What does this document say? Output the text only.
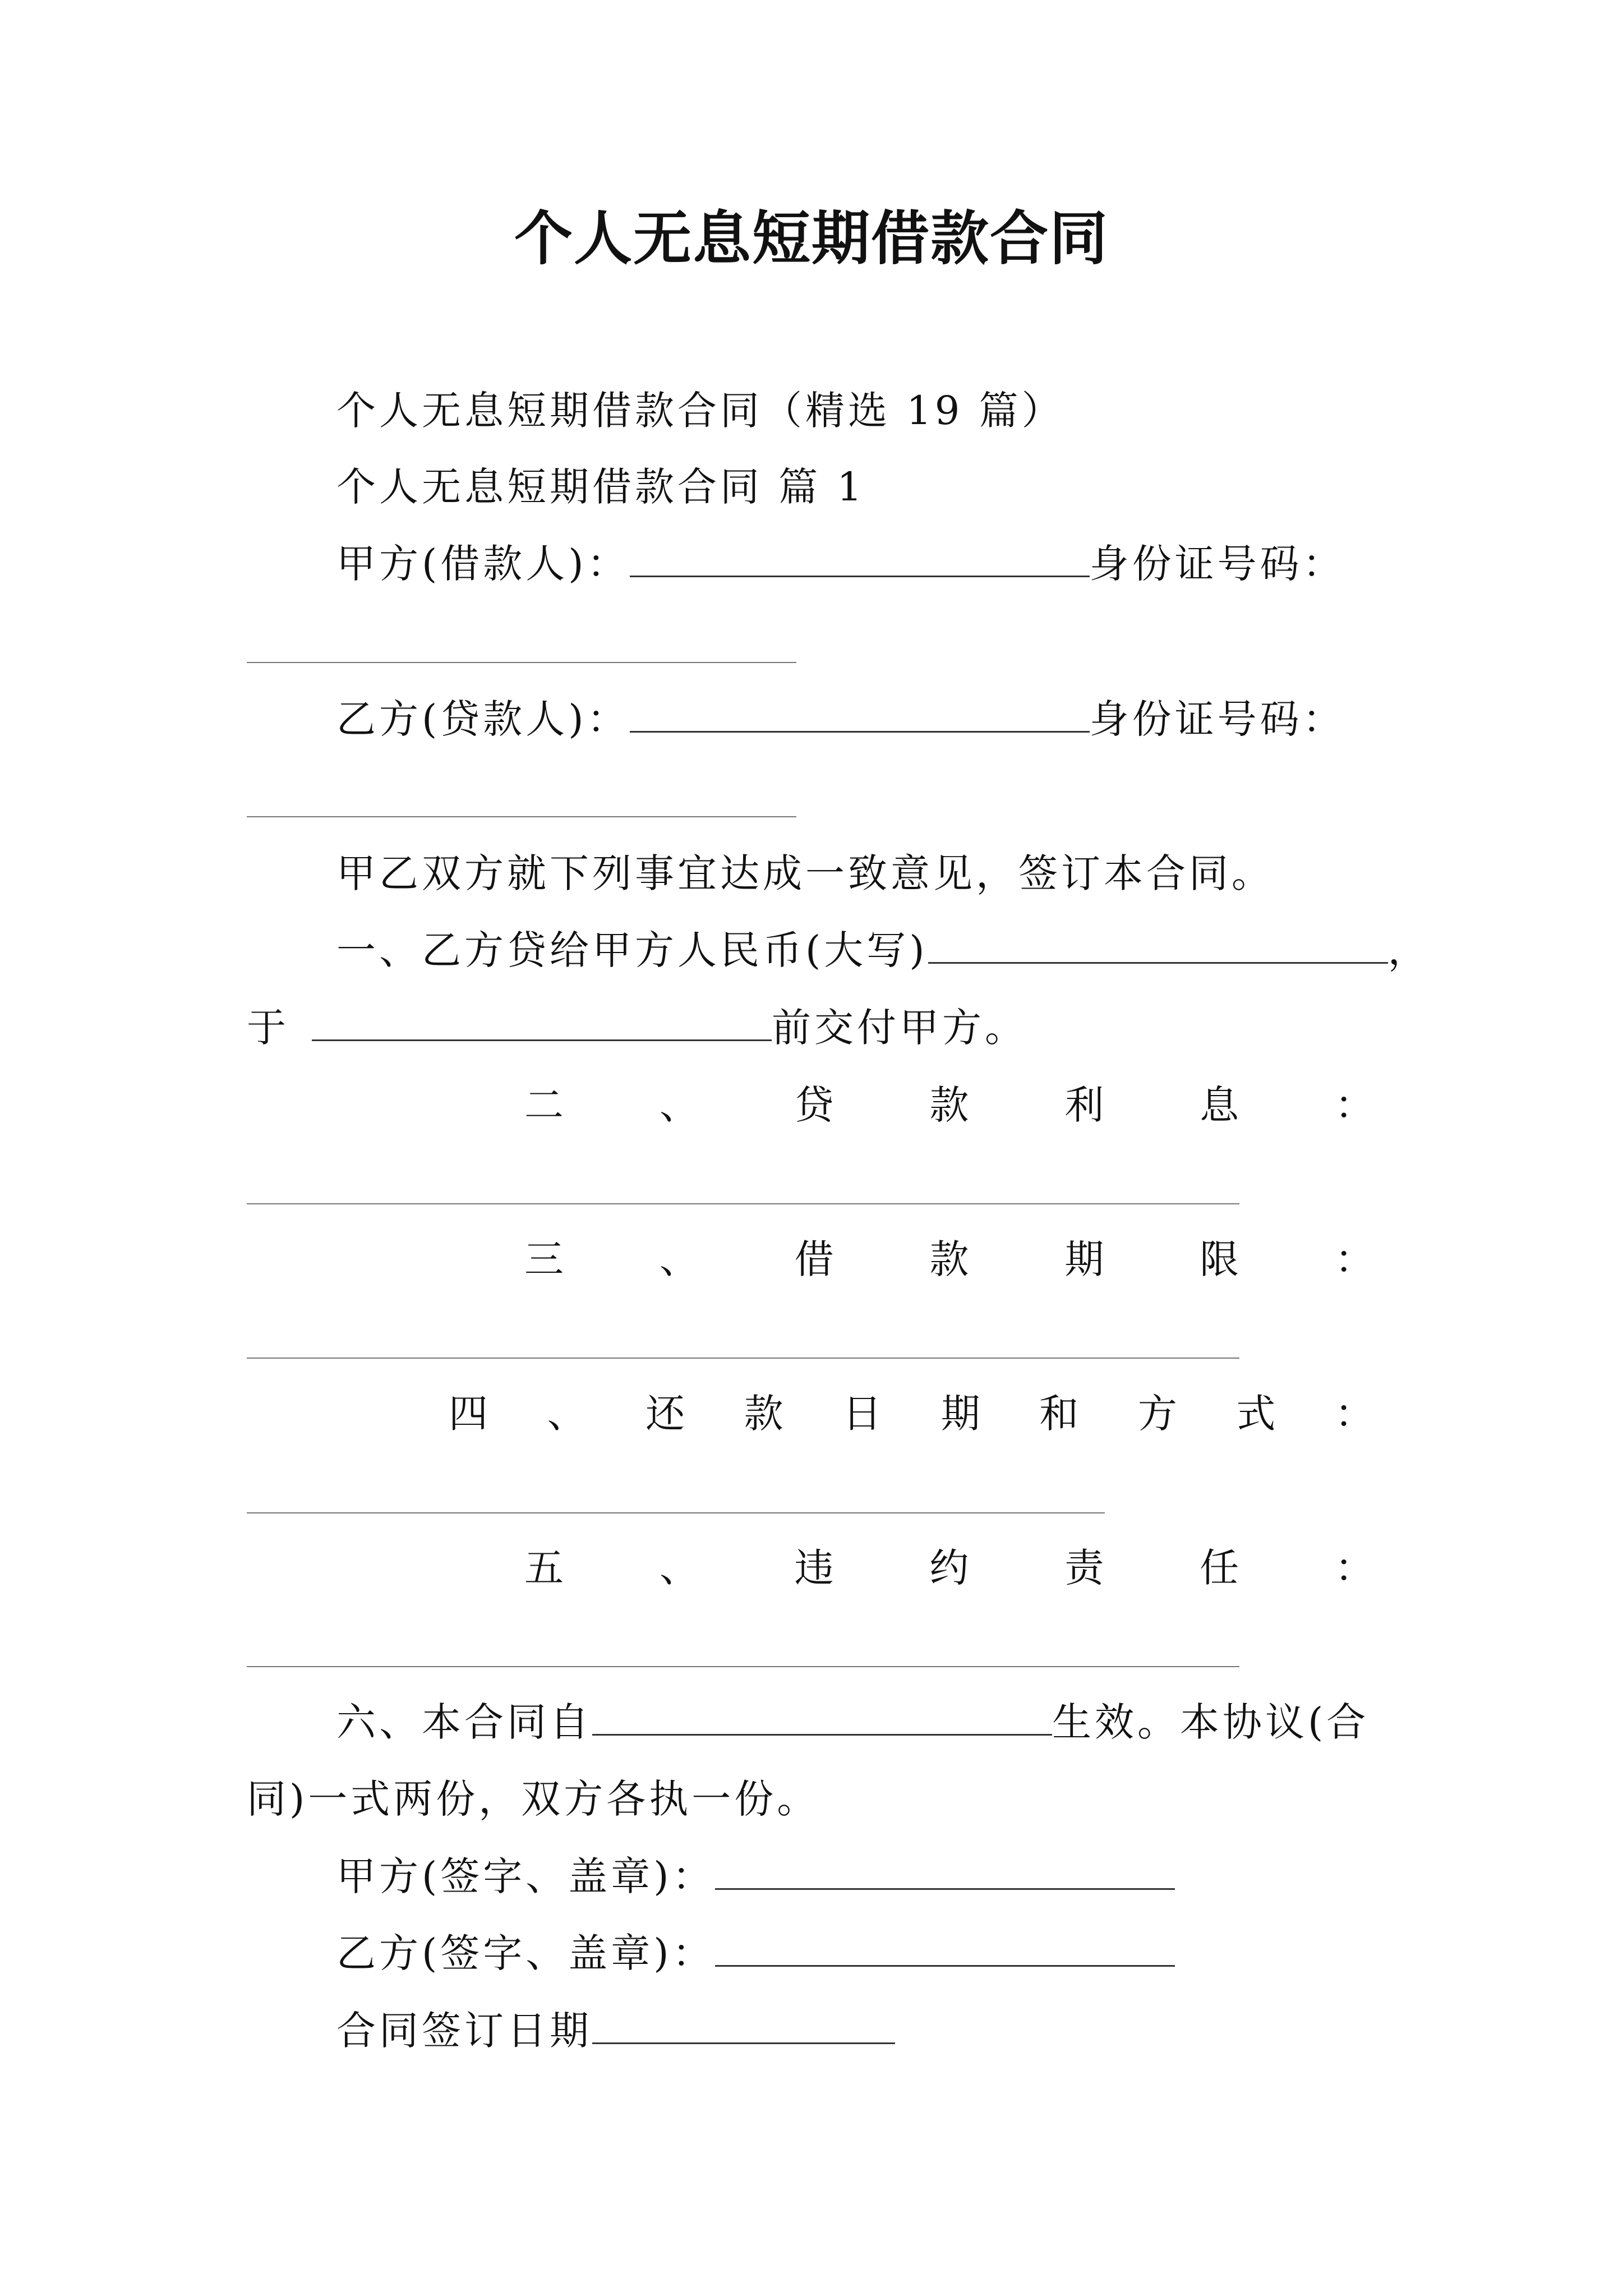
个人无息短期借款合同
个人无息短期借款合同（精选 19 篇）
个人无息短期借款合同 篇 1
甲方(借款人)：	身份证号码：
乙方(贷款人)：	身份证号码：
甲乙双方就下列事宜达成一致意见，签订本合同。
一、乙方贷给甲方人民币(大写)	，
于	前交付甲方。
二 、 贷 款 利 息 ：
三 、 借 款 期 限 ：
四 、 还 款 日 期 和 方 式 ：
五 、 违 约 责 任 ：
六、本合同自	生效。本协议(合
同)一式两份，双方各执一份。
甲方(签字、盖章)：
乙方(签字、盖章)：
合同签订日期
